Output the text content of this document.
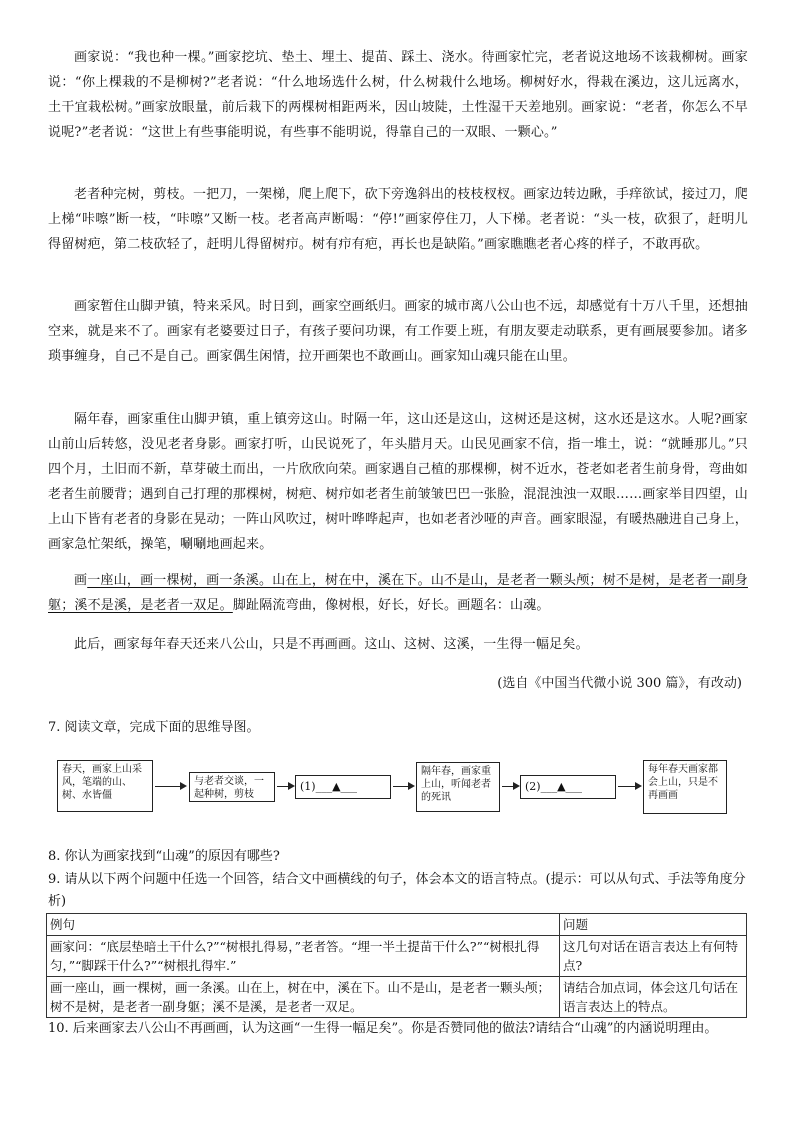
画家说：“我也种一棵。”画家挖坑、垫土、埋土、提苗、踩土、浇水。待画家忙完，老者说这地场不该栽柳树。画家说：“你上棵栽的不是柳树?”老者说：“什么地场选什么树，什么树栽什么地场。柳树好水，得栽在溪边，这儿远离水，土干宜栽松树。”画家放眼量，前后栽下的两棵树相距两米，因山坡陡，土性湿干天差地别。画家说：“老者，你怎么不早说呢?”老者说：“这世上有些事能明说，有些事不能明说，得靠自己的一双眼、一颗心。”
老者种完树，剪枝。一把刀，一架梯，爬上爬下，砍下旁逸斜出的枝枝杈杈。画家边转边瞅，手痒欲试，接过刀，爬上梯“咔嚓”断一枝，“咔嚓”又断一枝。老者高声断喝：“停!”画家停住刀，人下梯。老者说：“头一枝，砍狠了，赶明儿得留树疤，第二枝砍轻了，赶明儿得留树疖。树有疖有疤，再长也是缺陷。”画家瞧瞧老者心疼的样子，不敢再砍。
画家暂住山脚尹镇，特来采风。时日到，画家空画纸归。画家的城市离八公山也不远，却感觉有十万八千里，还想抽空来，就是来不了。画家有老婆要过日子，有孩子要问功课，有工作要上班，有朋友要走动联系，更有画展要参加。诸多琐事缠身，自己不是自己。画家偶生闲情，拉开画架也不敢画山。画家知山魂只能在山里。
隔年春，画家重住山脚尹镇，重上镇旁这山。时隔一年，这山还是这山，这树还是这树，这水还是这水。人呢?画家山前山后转悠，没见老者身影。画家打听，山民说死了，年头腊月天。山民见画家不信，指一堆土，说：“就睡那儿。”只四个月，土旧而不新，草芽破土而出，一片欣欣向荣。画家遇自己植的那棵柳，树不近水，苍老如老者生前身骨，弯曲如老者生前腰背；遇到自己打理的那棵树，树疤、树疖如老者生前皱皱巴巴一张脸，混混浊浊一双眼……画家举目四望，山上山下皆有老者的身影在晃动；一阵山风吹过，树叶哗哗起声，也如老者沙哑的声音。画家眼湿，有暖热融进自己身上，画家急忙架纸，操笔，唰唰地画起来。
画一座山，画一棵树，画一条溪。山在上，树在中，溪在下。山不是山，是老者一颗头颅；树不是树，是老者一副身躯；溪不是溪，是老者一双足。脚趾隔流弯曲，像树根，好长，好长。画题名：山魂。
此后，画家每年春天还来八公山，只是不再画画。这山、这树、这溪，一生得一幅足矣。
(选自《中国当代微小说 300 篇》，有改动)
7. 阅读文章，完成下面的思维导图。
春天，画家上山采风，笔端的山、树、水皆僵
与老者交谈，一起种树，剪枝
(1)___▲___
隔年春，画家重上山，听闻老者的死讯
(2)___▲___
每年春天画家都会上山，只是不再画画
8. 你认为画家找到“山魂”的原因有哪些?
9. 请从以下两个问题中任选一个回答，结合文中画横线的句子，体会本文的语言特点。(提示：可以从句式、手法等角度分析)
例句	问题
画家问：“底层垫暗土干什么?”“树根扎得易，”老者答。“埋一半土提苗干什么?”“树根扎得匀，”“脚踩干什么?”“树根扎得牢.”	这几句对话在语言表达上有何特点?
画一座山，画一棵树，画一条溪。山在上，树在中，溪在下。山不是山，是老者一颗头颅；树不是树，是老者一副身躯；溪不是溪，是老者一双足。	请结合加点词，体会这几句话在语言表达上的特点。
10. 后来画家去八公山不再画画，认为这画“一生得一幅足矣”。你是否赞同他的做法?请结合“山魂”的内涵说明理由。
